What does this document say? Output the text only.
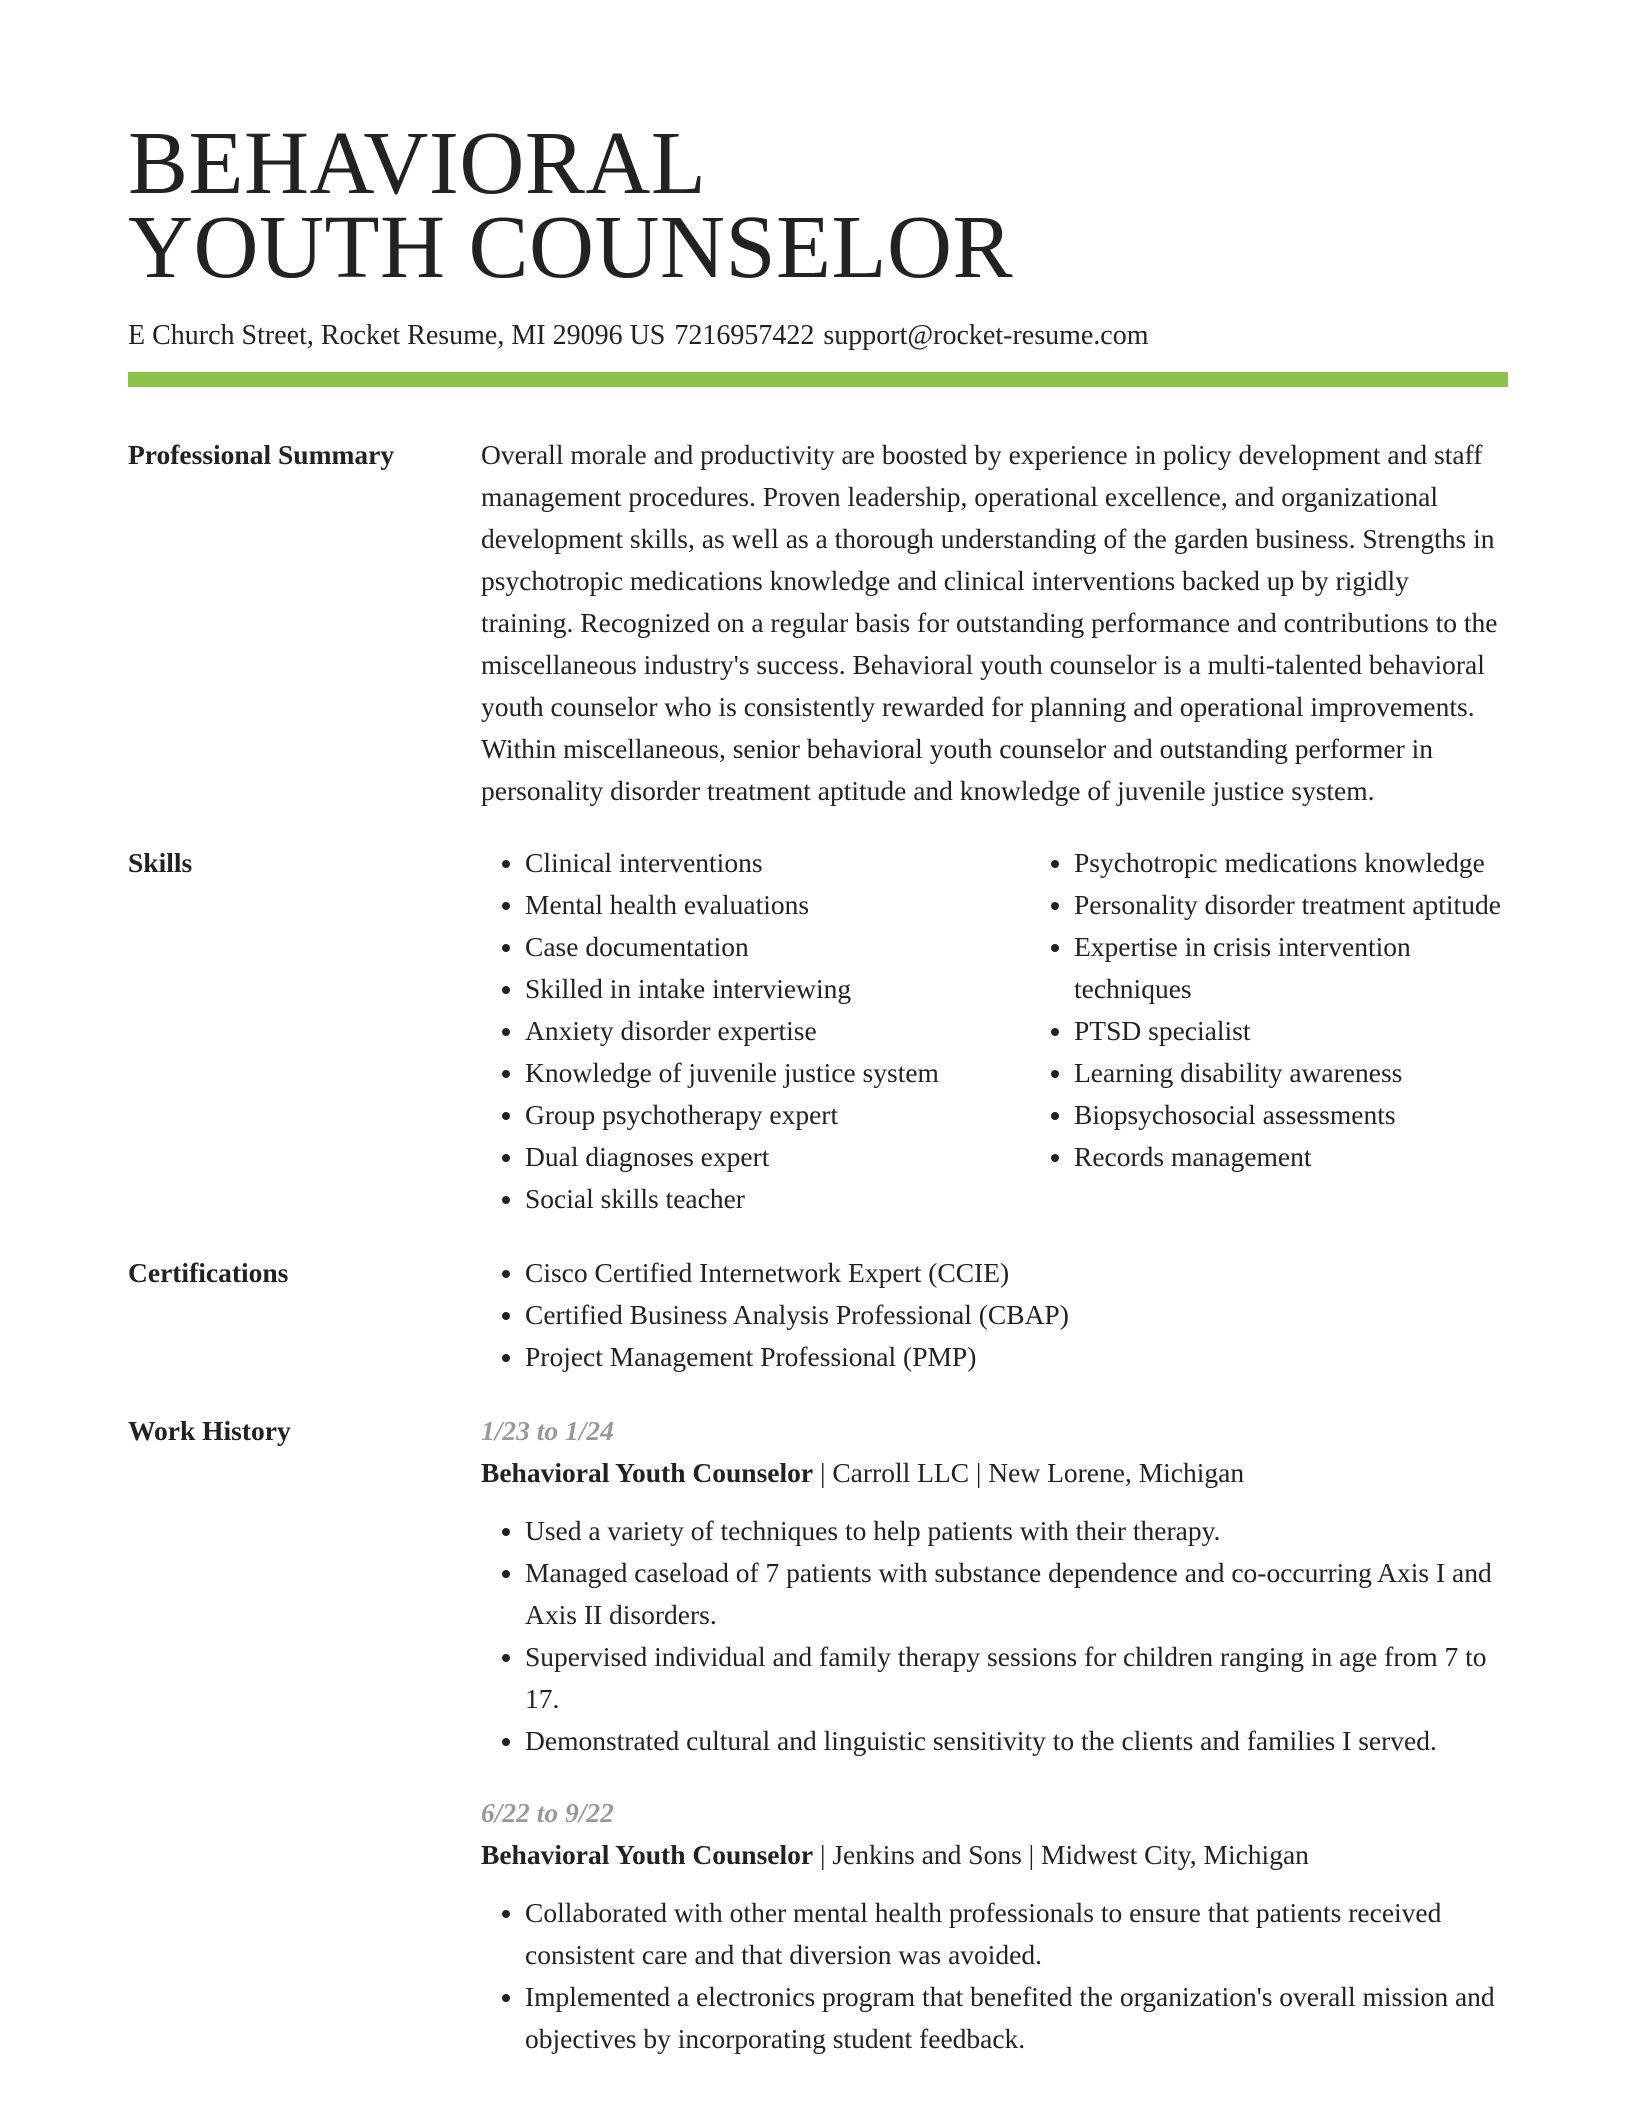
BEHAVIORAL
YOUTH COUNSELOR
E Church Street, Rocket Resume, MI 29096 US 7216957422 support@rocket-resume.com
Professional Summary	Overall morale and productivity are boosted by experience in policy development and staff management procedures. Proven leadership, operational excellence, and organizational development skills, as well as a thorough understanding of the garden business. Strengths in psychotropic medications knowledge and clinical interventions backed up by rigidly training. Recognized on a regular basis for outstanding performance and contributions to the miscellaneous industry's success. Behavioral youth counselor is a multi-talented behavioral youth counselor who is consistently rewarded for planning and operational improvements. Within miscellaneous, senior behavioral youth counselor and outstanding performer in personality disorder treatment aptitude and knowledge of juvenile justice system.

Skills	• Clinical interventions
• Mental health evaluations
• Case documentation
• Skilled in intake interviewing
• Anxiety disorder expertise
• Knowledge of juvenile justice system
• Group psychotherapy expert
• Dual diagnoses expert
• Social skills teacher
• Psychotropic medications knowledge
• Personality disorder treatment aptitude
• Expertise in crisis intervention techniques
• PTSD specialist
• Learning disability awareness
• Biopsychosocial assessments
• Records management
Certifications	• Cisco Certified Internetwork Expert (CCIE)
• Certified Business Analysis Professional (CBAP)
• Project Management Professional (PMP)
Work History	1/23 to 1/24
Behavioral Youth Counselor | Carroll LLC | New Lorene, Michigan
• Used a variety of techniques to help patients with their therapy.
• Managed caseload of 7 patients with substance dependence and co-occurring Axis I and Axis II disorders.
• Supervised individual and family therapy sessions for children ranging in age from 7 to 17.
• Demonstrated cultural and linguistic sensitivity to the clients and families I served.
6/22 to 9/22
Behavioral Youth Counselor | Jenkins and Sons | Midwest City, Michigan
• Collaborated with other mental health professionals to ensure that patients received consistent care and that diversion was avoided.
• Implemented a electronics program that benefited the organization's overall mission and objectives by incorporating student feedback.
